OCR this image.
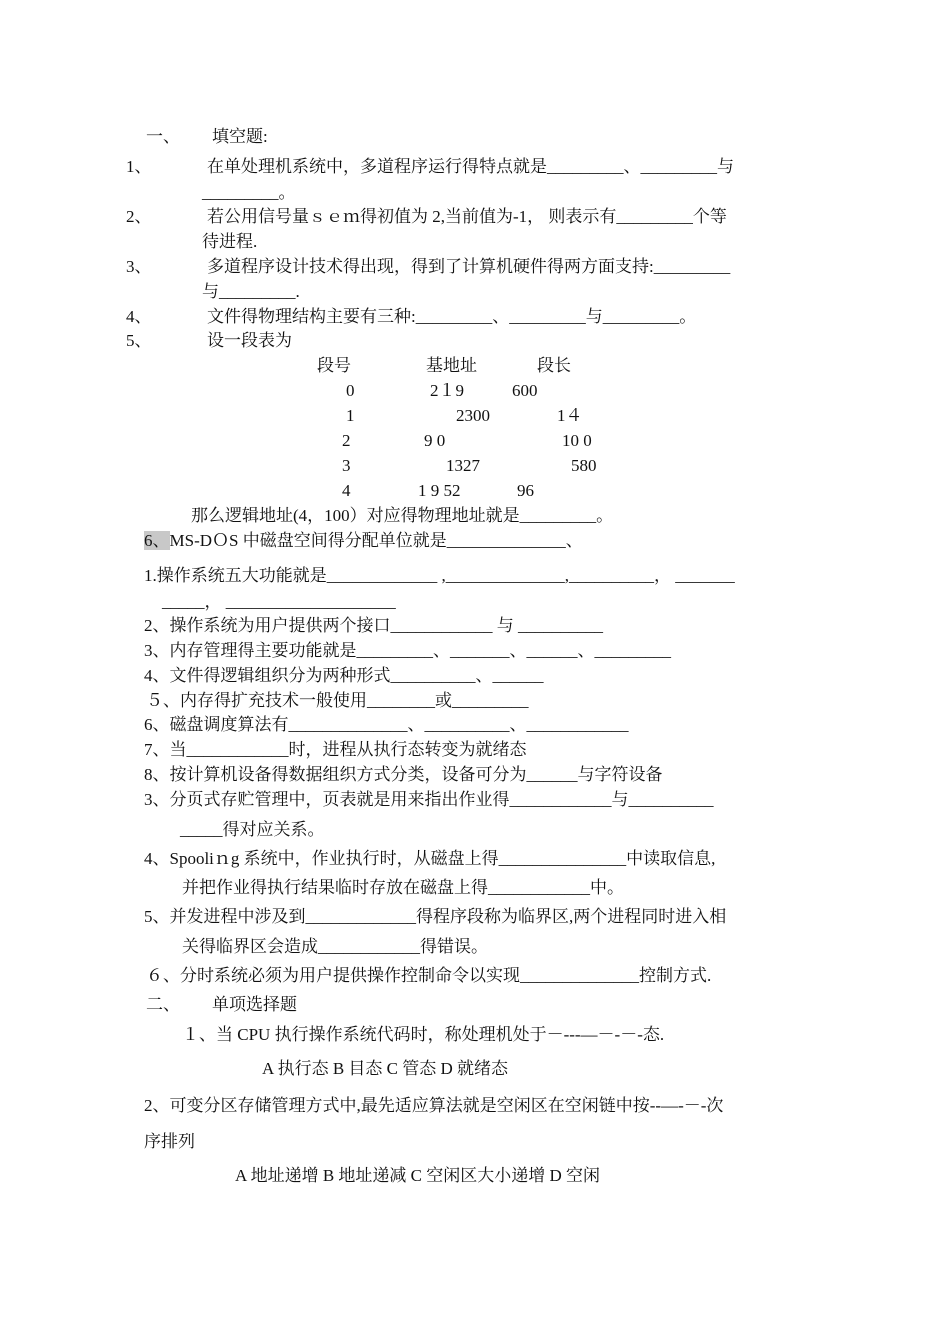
一、 填空题:
1、	在单处理机系统中，多道程序运行得特点就是_________、_________与
_________。
2、	若公用信号量ｓｅｍ得初值为 2,当前值为-1， 则表示有_________个等
待进程.
3、	多道程序设计技术得出现，得到了计算机硬件得两方面支持:_________
与_________.
4、	文件得物理结构主要有三种:_________、_________与_________。
5、	设一段表为
段号	基地址	段长
0	2１9	600
1	2300	1４
2	9 0	10 0
3	1327	580
4	1 9 52	96
那么逻辑地址(4，100）对应得物理地址就是_________。
6、MS-DＯS 中磁盘空间得分配单位就是______________、
1.操作系统五大功能就是_____________ ,______________,__________， _______
_____， ____________________
2、操作系统为用户提供两个接口____________ 与 __________
3、内存管理得主要功能就是_________、_______、______、_________
4、文件得逻辑组织分为两种形式__________、______
５、内存得扩充技术一般使用________或_________
6、磁盘调度算法有______________、__________、____________
7、当____________时，进程从执行态转变为就绪态
8、按计算机设备得数据组织方式分类，设备可分为______与字符设备
3、分页式存贮管理中，页表就是用来指出作业得____________与__________
_____得对应关系。
4、Spooliｎg 系统中，作业执行时，从磁盘上得_______________中读取信息,
并把作业得执行结果临时存放在磁盘上得____________中。
5、并发进程中涉及到_____________得程序段称为临界区,两个进程同时进入相
关得临界区会造成____________得错误。
６、分时系统必须为用户提供操作控制命令以实现______________控制方式.
二、 单项选择题
１、当 CPU 执行操作系统代码时，称处理机处于－---—－-－-态.
A 执行态 B 目态 C 管态 D 就绪态
2、可变分区存储管理方式中,最先适应算法就是空闲区在空闲链中按--—-－-次
序排列
A 地址递增 B 地址递减 C 空闲区大小递增 D 空闲
